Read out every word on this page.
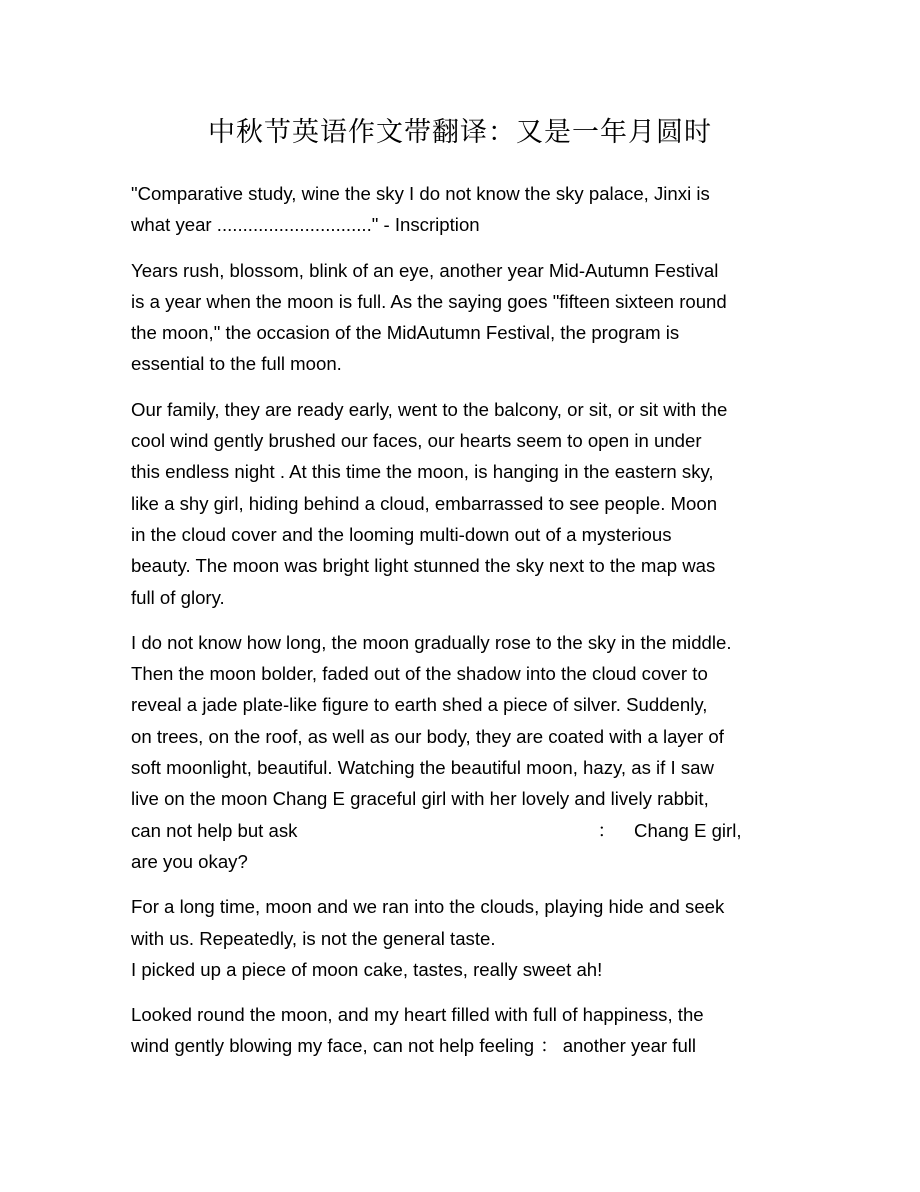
中秋节英语作文带翻译：又是一年月圆时

"Comparative study, wine the sky I do not know the sky palace, Jinxi is
what year .............................." - Inscription

Years rush, blossom, blink of an eye, another year Mid-Autumn Festival
is a year when the moon is full. As the saying goes "fifteen sixteen round
the moon," the occasion of the MidAutumn Festival, the program is
essential to the full moon.

Our family, they are ready early, went to the balcony, or sit, or sit with the
cool wind gently brushed our faces, our hearts seem to open in under
this endless night . At this time the moon, is hanging in the eastern sky,
like a shy girl, hiding behind a cloud, embarrassed to see people. Moon
in the cloud cover and the looming multi-down out of a mysterious
beauty. The moon was bright light stunned the sky next to the map was
full of glory.

I do not know how long, the moon gradually rose to the sky in the middle.
Then the moon bolder, faded out of the shadow into the cloud cover to
reveal a jade plate-like figure to earth shed a piece of silver. Suddenly,
on trees, on the roof, as well as our body, they are coated with a layer of
soft moonlight, beautiful. Watching the beautiful moon, hazy, as if I saw
live on the moon Chang E graceful girl with her lovely and lively rabbit,
can not help but ask	： Chang E girl,
are you okay?

For a long time, moon and we ran into the clouds, playing hide and seek
with us. Repeatedly, is not the general taste.
I picked up a piece of moon cake, tastes, really sweet ah!

Looked round the moon, and my heart filled with full of happiness, the
wind gently blowing my face, can not help feeling ： another year full
